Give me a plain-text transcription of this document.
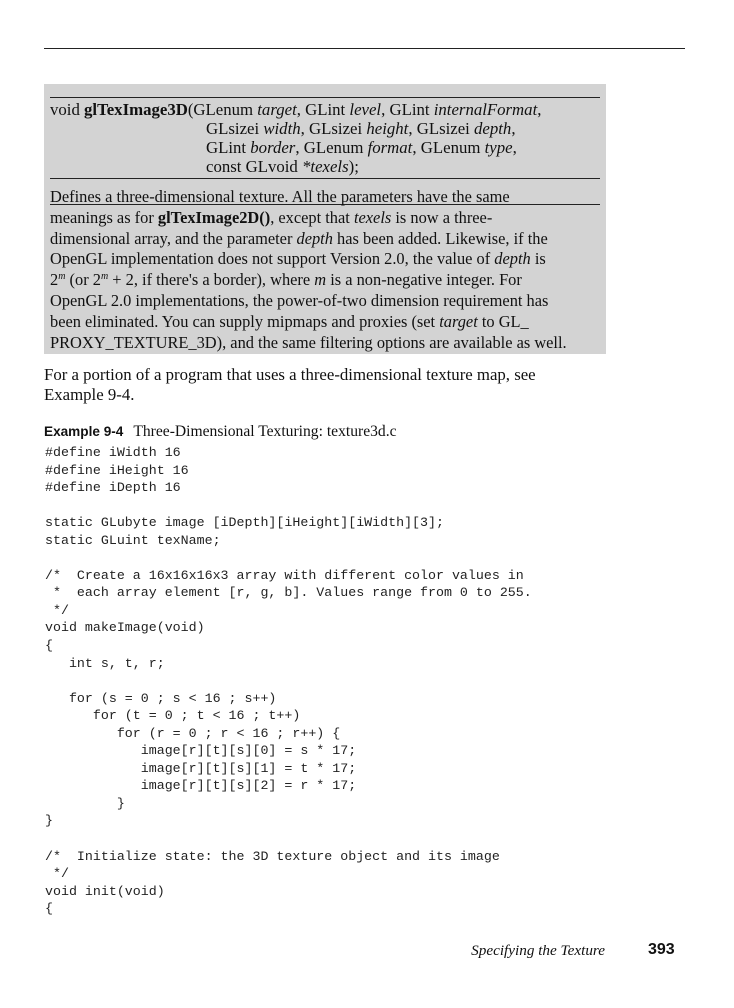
void glTexImage3D(GLenum target, GLint level, GLint internalFormat,
GLsizei width, GLsizei height, GLsizei depth,
GLint border, GLenum format, GLenum type,
const GLvoid *texels);
Defines a three-dimensional texture. All the parameters have the same
meanings as for glTexImage2D(), except that texels is now a three-
dimensional array, and the parameter depth has been added. Likewise, if the
OpenGL implementation does not support Version 2.0, the value of depth is
2$^m$ (or $2^m + 2$, if there's a border), where m is a non-negative integer. For
OpenGL 2.0 implementations, the power-of-two dimension requirement has
been eliminated. You can supply mipmaps and proxies (set target to GL_
PROXY_TEXTURE_3D), and the same filtering options are available as well.
For a portion of a program that uses a three-dimensional texture map, see
Example 9-4.
Example 9-4 Three-Dimensional Texturing: texture3d.c
#define iWidth 16
#define iHeight 16
#define iDepth 16
static GLubyte image [iDepth][iHeight][iWidth][3];
static GLuint texName;
/*  Create a 16x16x16x3 array with different color values in
*  each array element [r, g, b]. Values range from 0 to 255.
*/
void makeImage(void)
{
int s, t, r;
for (s = 0 ; s < 16 ; s++)
for (t = 0 ; t < 16 ; t++)
for (r = 0 ; r < 16 ; r++) {
image[r][t][s][0] = s * 17;
image[r][t][s][1] = t * 17;
image[r][t][s][2] = r * 17;
}
}
/*  Initialize state: the 3D texture object and its image
*/
void init(void)
{
Specifying the Texture	393
